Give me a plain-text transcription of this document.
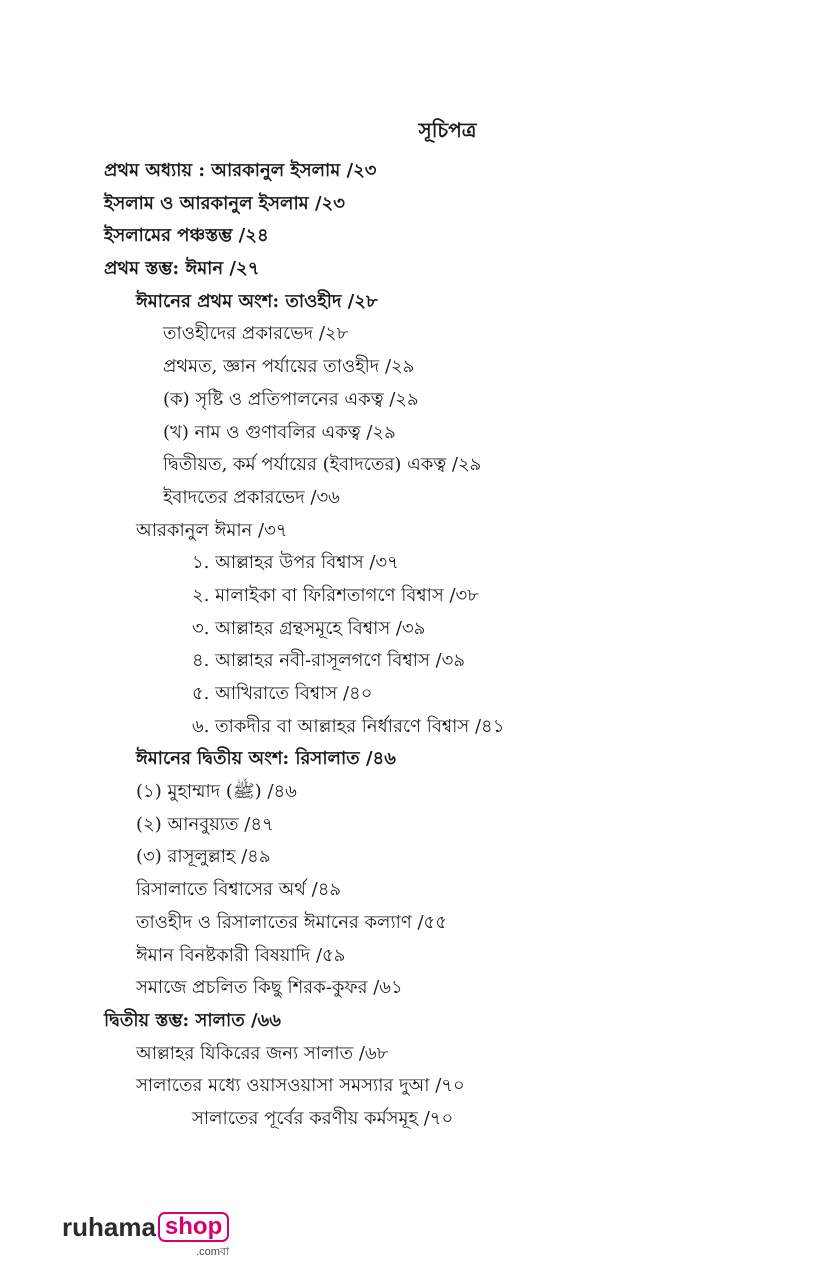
সূচিপত্র
প্রথম অধ্যায় : আরকানুল ইসলাম /২৩
ইসলাম ও আরকানুল ইসলাম /২৩
ইসলামের পঞ্চস্তম্ভ /২৪
প্রথম স্তম্ভ: ঈমান /২৭
ঈমানের প্রথম অংশ: তাওহীদ /২৮
তাওহীদের প্রকারভেদ /২৮
প্রথমত, জ্ঞান পর্যায়ের তাওহীদ /২৯
(ক) সৃষ্টি ও প্রতিপালনের একত্ব /২৯
(খ) নাম ও গুণাবলির একত্ব /২৯
দ্বিতীয়ত, কর্ম পর্যায়ের (ইবাদতের) একত্ব /২৯
ইবাদতের প্রকারভেদ /৩৬
আরকানুল ঈমান /৩৭
১. আল্লাহর উপর বিশ্বাস /৩৭
২. মালাইকা বা ফিরিশতাগণে বিশ্বাস /৩৮
৩. আল্লাহর গ্রন্থসমূহে বিশ্বাস /৩৯
৪. আল্লাহর নবী-রাসূলগণে বিশ্বাস /৩৯
৫. আখিরাতে বিশ্বাস /৪০
৬. তাকদীর বা আল্লাহর নির্ধারণে বিশ্বাস /৪১
ঈমানের দ্বিতীয় অংশ: রিসালাত /৪৬
(১) মুহাম্মাদ (ﷺ) /৪৬
(২) আনবুয়্যত /৪৭
(৩) রাসূলুল্লাহ /৪৯
রিসালাতে বিশ্বাসের অর্থ /৪৯
তাওহীদ ও রিসালাতের ঈমানের কল্যাণ /৫৫
ঈমান বিনষ্টকারী বিষয়াদি /৫৯
সমাজে প্রচলিত কিছু শিরক-কুফর /৬১
দ্বিতীয় স্তম্ভ: সালাত /৬৬
আল্লাহর যিকিরের জন্য সালাত /৬৮
সালাতের মধ্যে ওয়াসওয়াসা সমস্যার দুআ /৭০
সালাতের পূর্বের করণীয় কর্মসমূহ /৭০
ruhama shop
.comবা
